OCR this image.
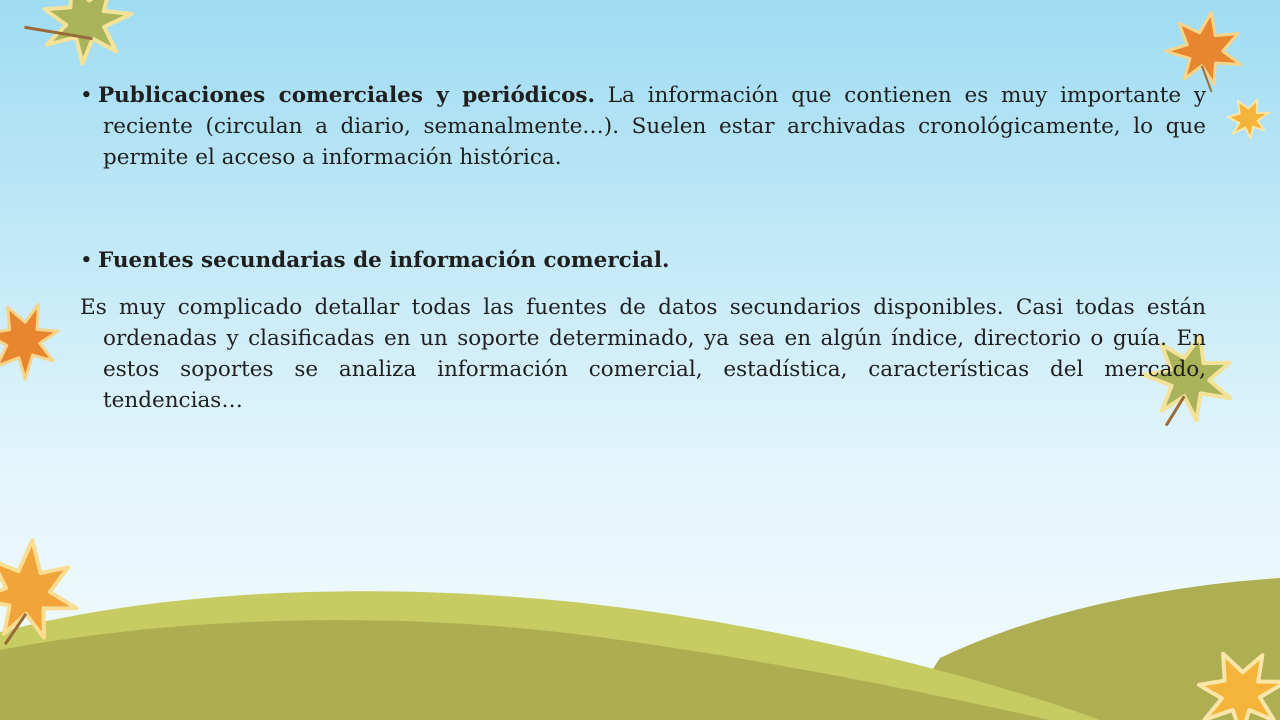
• Publicaciones comerciales y periódicos. La información que contienen es muy importante y reciente (circulan a diario, semanalmente…). Suelen estar archivadas cronológicamente, lo que permite el acceso a información histórica.

• Fuentes secundarias de información comercial.

Es muy complicado detallar todas las fuentes de datos secundarios disponibles. Casi todas están ordenadas y clasificadas en un soporte determinado, ya sea en algún índice, directorio o guía. En estos soportes se analiza información comercial, estadística, características del mercado, tendencias…
